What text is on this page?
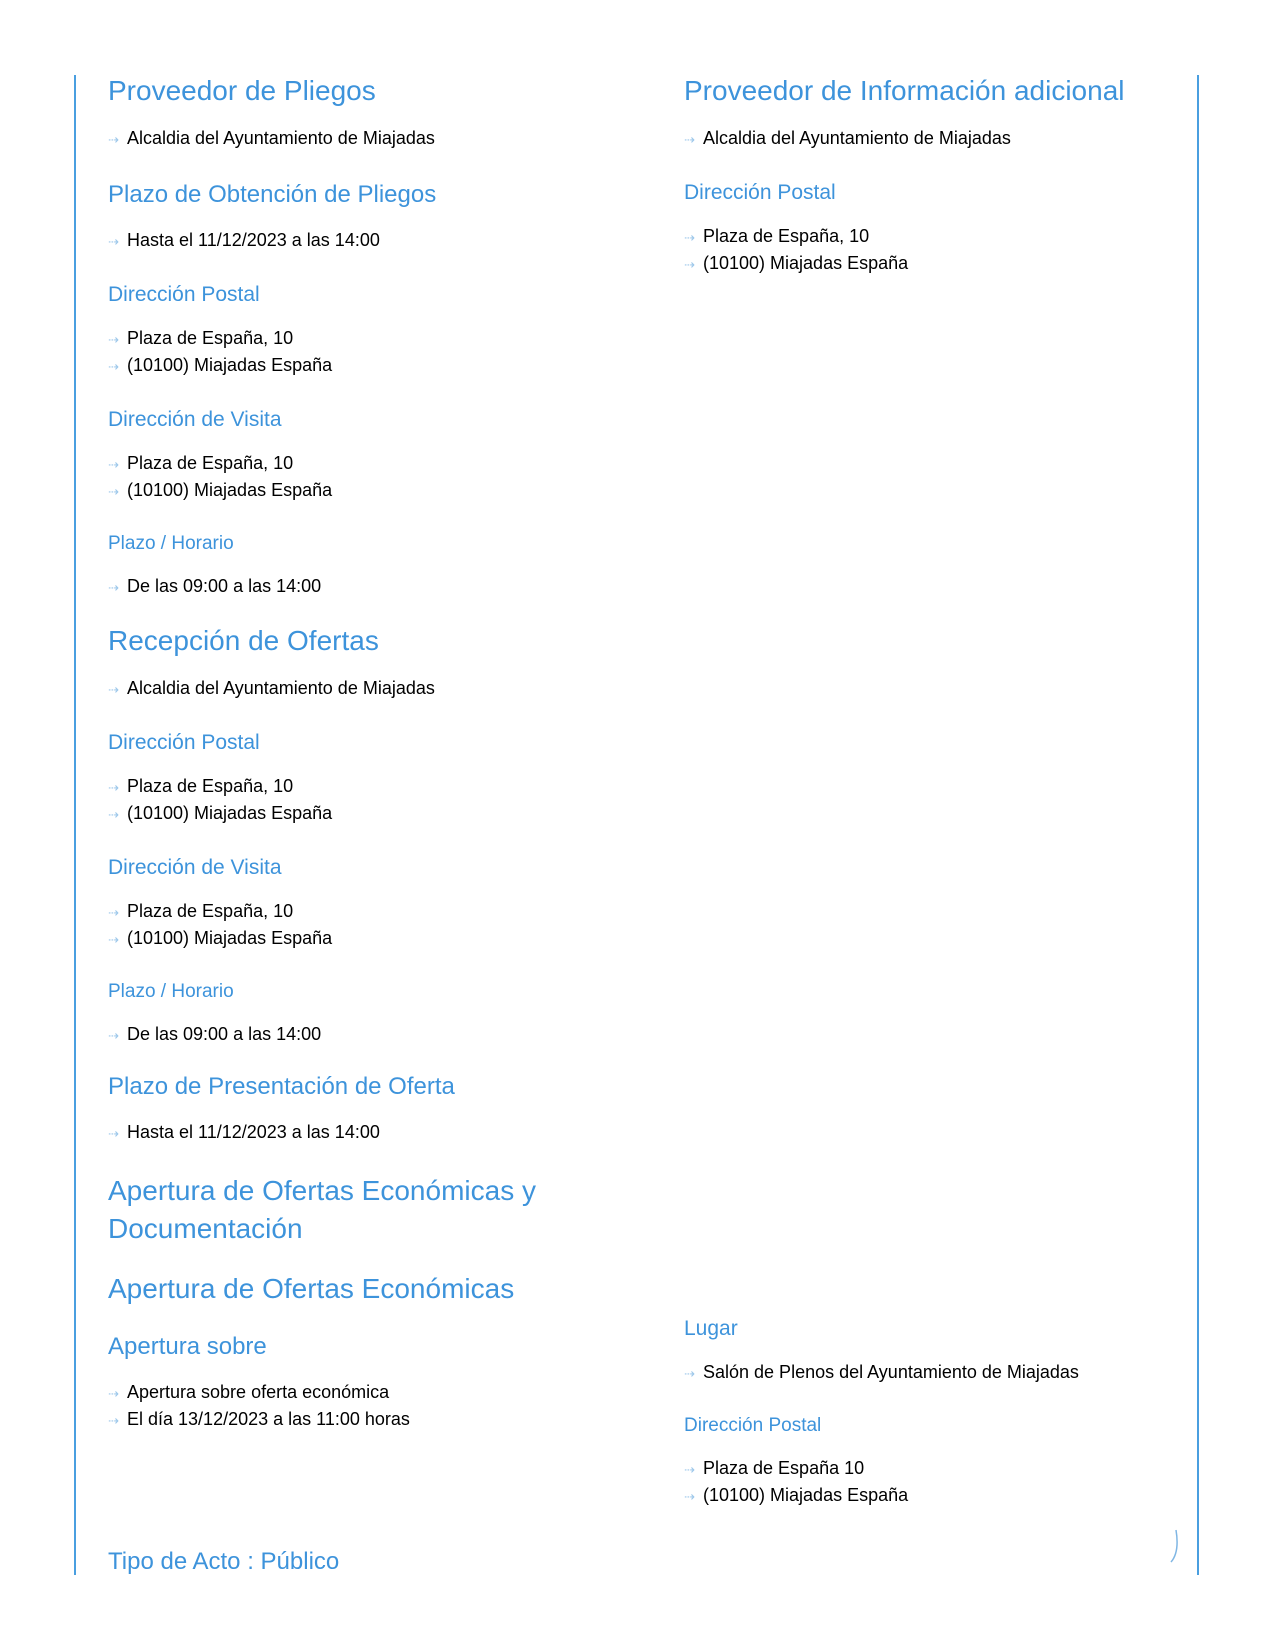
Proveedor de Pliegos
⇢ Alcaldia del Ayuntamiento de Miajadas
Plazo de Obtención de Pliegos
⇢ Hasta el 11/12/2023 a las 14:00
Dirección Postal
⇢ Plaza de España, 10
⇢ (10100) Miajadas España
Dirección de Visita
⇢ Plaza de España, 10
⇢ (10100) Miajadas España
Plazo / Horario
⇢ De las 09:00 a las 14:00
Recepción de Ofertas
⇢ Alcaldia del Ayuntamiento de Miajadas
Dirección Postal
⇢ Plaza de España, 10
⇢ (10100) Miajadas España
Dirección de Visita
⇢ Plaza de España, 10
⇢ (10100) Miajadas España
Plazo / Horario
⇢ De las 09:00 a las 14:00
Plazo de Presentación de Oferta
⇢ Hasta el 11/12/2023 a las 14:00
Apertura de Ofertas Económicas y Documentación
Apertura de Ofertas Económicas
Apertura sobre
⇢ Apertura sobre oferta económica
⇢ El día 13/12/2023 a las 11:00 horas
Tipo de Acto : Público
Proveedor de Información adicional
⇢ Alcaldia del Ayuntamiento de Miajadas
Dirección Postal
⇢ Plaza de España, 10
⇢ (10100) Miajadas España
Lugar
⇢ Salón de Plenos del Ayuntamiento de Miajadas
Dirección Postal
⇢ Plaza de España 10
⇢ (10100) Miajadas España
